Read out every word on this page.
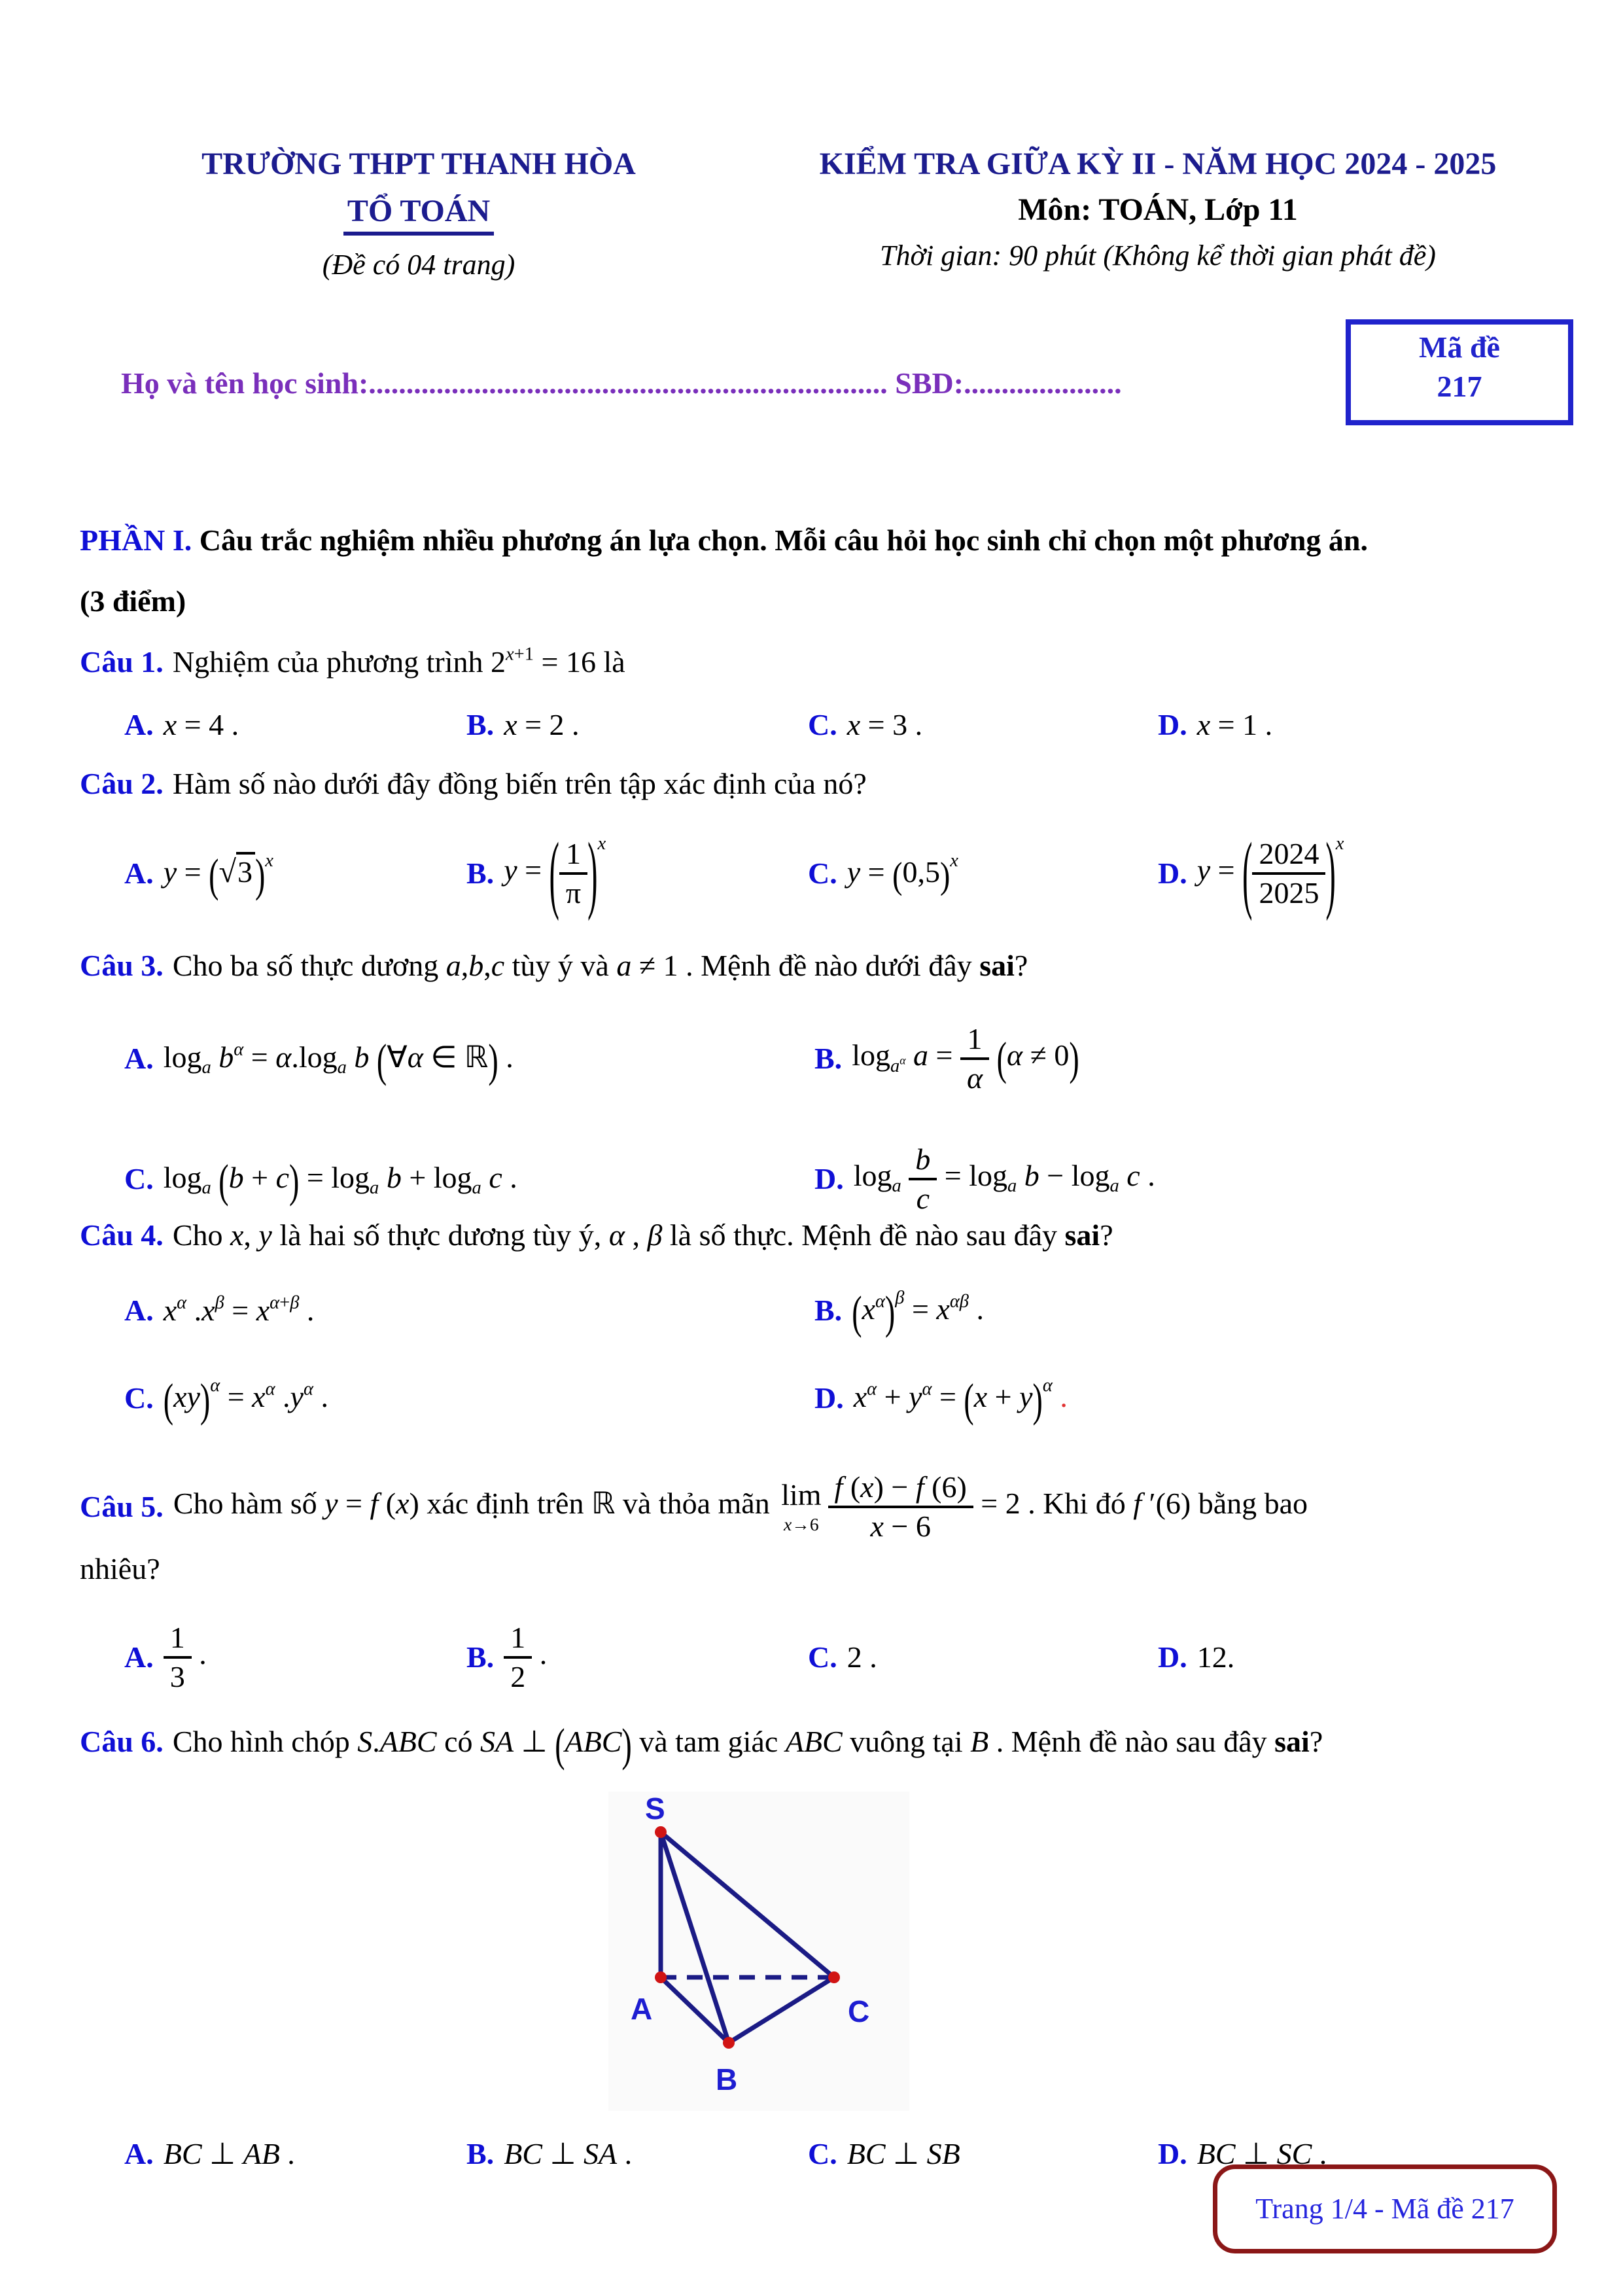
TRƯỜNG THPT THANH HÒA
TỔ TOÁN
(Đề có 04 trang)
KIỂM TRA GIỮA KỲ II - NĂM HỌC 2024 - 2025
Môn: TOÁN, Lớp 11
Thời gian: 90 phút (Không kể thời gian phát đề)
Mã đề
217
Họ và tên học sinh:..................................................................... SBD:.....................
PHẦN I. Câu trắc nghiệm nhiều phương án lựa chọn. Mỗi câu hỏi học sinh chỉ chọn một phương án.
(3 điểm)
Câu 1. Nghiệm của phương trình $2^{x+1} = 16$ là
A. x = 4 .	B. x = 2 .	C. x = 3 .	D. x = 1 .
Câu 2. Hàm số nào dưới đây đồng biến trên tập xác định của nó?
A. $y = (√3)^x$	B. y = ( $\frac{1}{\pi} )^x$
C. $y = (0,5)^x$	D. y = ( $\frac{2024}{2025} )^x$
Câu 3. Cho ba số thực dương a,b,c tùy ý và a ≠ 1 . Mệnh đề nào dưới đây sai?
A. $\log_a b^\alpha = \alpha.\log_a$ b (∀α ∈ ℝ) .	B. $\log_{a^\alpha} a = \frac{1}{\alpha} (\alpha \ne 0)$
C. $\log_a (b + c) = \log_a b + \log_a c$ .	D. $\log_a \frac{b}{c} = \log_a b - \log_a c$ .
Câu 4. Cho x, y là hai số thực dương tùy ý, α , β là số thực. Mệnh đề nào sau đây sai?
A. $x^\alpha$ $.x^\beta = x^{\alpha+\beta}$ .	B. $(x^\alpha)^\beta = x^{\alpha\beta}$ .
C. $(xy)^\alpha = x^\alpha$ $.y^\alpha$ .	D. $x^\alpha + y^\alpha = (x + y)^\alpha$ .
Câu 5. Cho hàm số y = f (x) xác định trên ℝ và thỏa mãn lim
$x\to 6 \frac{f (x) - f (6)}{x - 6} = 2$ . Khi đó f ′(6) bằng bao
nhiêu?
A. $\frac{1}{3}$ .	B. $\frac{1}{2}$ .	C. 2 .	D. 12.
Câu 6. Cho hình chóp S.ABC có SA ⊥ (ABC) và tam giác ABC vuông tại B . Mệnh đề nào sau đây sai?
S
A
B
C
A. BC ⊥ AB .	B. BC ⊥ SA .	C. BC ⊥ SB	D. BC ⊥ SC .
Trang 1/4 - Mã đề 217
